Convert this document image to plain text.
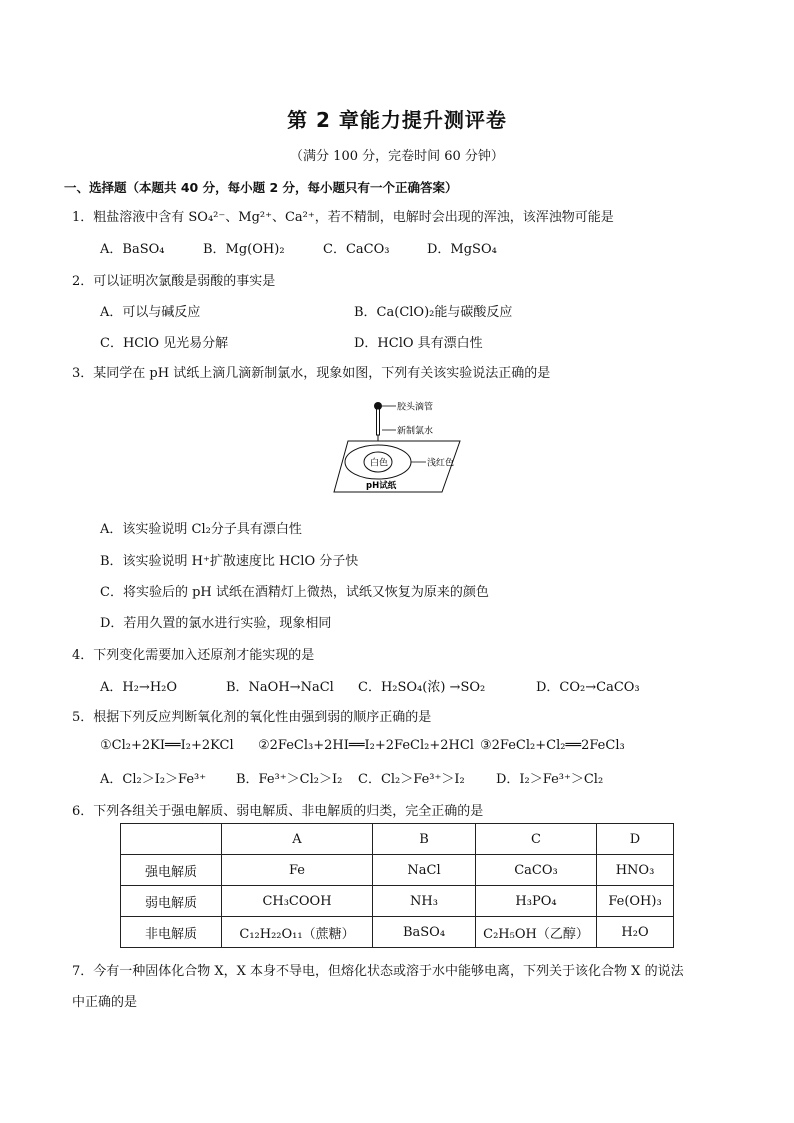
第 2 章能力提升测评卷
（满分 100 分，完卷时间 60 分钟）
一、选择题（本题共 40 分，每小题 2 分，每小题只有一个正确答案）
1．粗盐溶液中含有 SO₄²⁻、Mg²⁺、Ca²⁺，若不精制，电解时会出现的浑浊，该浑浊物可能是
A．BaSO₄	B．Mg(OH)₂	C．CaCO₃	D．MgSO₄
2．可以证明次氯酸是弱酸的事实是
A．可以与碱反应	B．Ca(ClO)₂能与碳酸反应
C．HClO 见光易分解	D．HClO 具有漂白性
3．某同学在 pH 试纸上滴几滴新制氯水，现象如图，下列有关该实验说法正确的是
胶头滴管
新制氯水
白色	浅红色
pH试纸
A．该实验说明 Cl₂分子具有漂白性
B．该实验说明 H⁺扩散速度比 HClO 分子快
C．将实验后的 pH 试纸在酒精灯上微热，试纸又恢复为原来的颜色
D．若用久置的氯水进行实验，现象相同
4．下列变化需要加入还原剂才能实现的是
A．H₂→H₂O	B．NaOH→NaCl C．H₂SO₄(浓) →SO₂	D．CO₂→CaCO₃
5．根据下列反应判断氧化剂的氧化性由强到弱的顺序正确的是
①Cl₂+2KI══I₂+2KCl ②2FeCl₃+2HI══I₂+2FeCl₂+2HCl ③2FeCl₂+Cl₂══2FeCl₃
A．Cl₂＞I₂＞Fe³⁺ B．Fe³⁺＞Cl₂＞I₂ C．Cl₂＞Fe³⁺＞I₂ D．I₂＞Fe³⁺＞Cl₂
6．下列各组关于强电解质、弱电解质、非电解质的归类，完全正确的是
	A	B	C	D
强电解质	Fe	NaCl	CaCO₃	HNO₃
弱电解质	CH₃COOH	NH₃	H₃PO₄	Fe(OH)₃
非电解质	C₁₂H₂₂O₁₁（蔗糖）	BaSO₄	C₂H₅OH（乙醇）	H₂O
7．今有一种固体化合物 X，X 本身不导电，但熔化状态或溶于水中能够电离，下列关于该化合物 X 的说法
中正确的是
